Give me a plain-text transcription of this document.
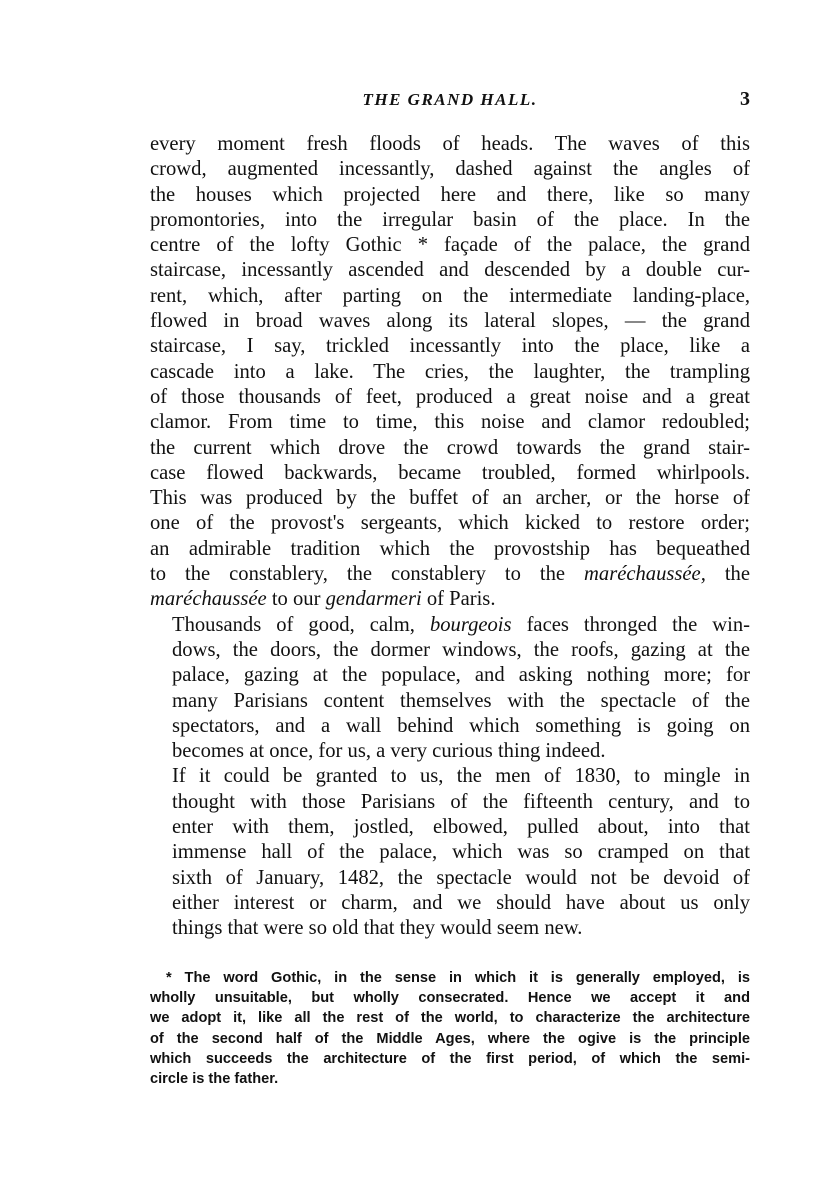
THE GRAND HALL.	3

every moment fresh floods of heads. The waves of this
crowd, augmented incessantly, dashed against the angles of
the houses which projected here and there, like so many
promontories, into the irregular basin of the place. In the
centre of the lofty Gothic * façade of the palace, the grand
staircase, incessantly ascended and descended by a double cur-
rent, which, after parting on the intermediate landing-place,
flowed in broad waves along its lateral slopes, — the grand
staircase, I say, trickled incessantly into the place, like a
cascade into a lake. The cries, the laughter, the trampling
of those thousands of feet, produced a great noise and a great
clamor. From time to time, this noise and clamor redoubled;
the current which drove the crowd towards the grand stair-
case flowed backwards, became troubled, formed whirlpools.
This was produced by the buffet of an archer, or the horse of
one of the provost's sergeants, which kicked to restore order;
an admirable tradition which the provostship has bequeathed
to the constablery, the constablery to the maréchaussée, the
maréchaussée to our gendarmeri of Paris.

Thousands of good, calm, bourgeois faces thronged the win-
dows, the doors, the dormer windows, the roofs, gazing at the
palace, gazing at the populace, and asking nothing more; for
many Parisians content themselves with the spectacle of the
spectators, and a wall behind which something is going on
becomes at once, for us, a very curious thing indeed.

If it could be granted to us, the men of 1830, to mingle in
thought with those Parisians of the fifteenth century, and to
enter with them, jostled, elbowed, pulled about, into that
immense hall of the palace, which was so cramped on that
sixth of January, 1482, the spectacle would not be devoid of
either interest or charm, and we should have about us only
things that were so old that they would seem new.

* The word Gothic, in the sense in which it is generally employed, is
wholly unsuitable, but wholly consecrated. Hence we accept it and
we adopt it, like all the rest of the world, to characterize the architecture
of the second half of the Middle Ages, where the ogive is the principle
which succeeds the architecture of the first period, of which the semi-
circle is the father.
